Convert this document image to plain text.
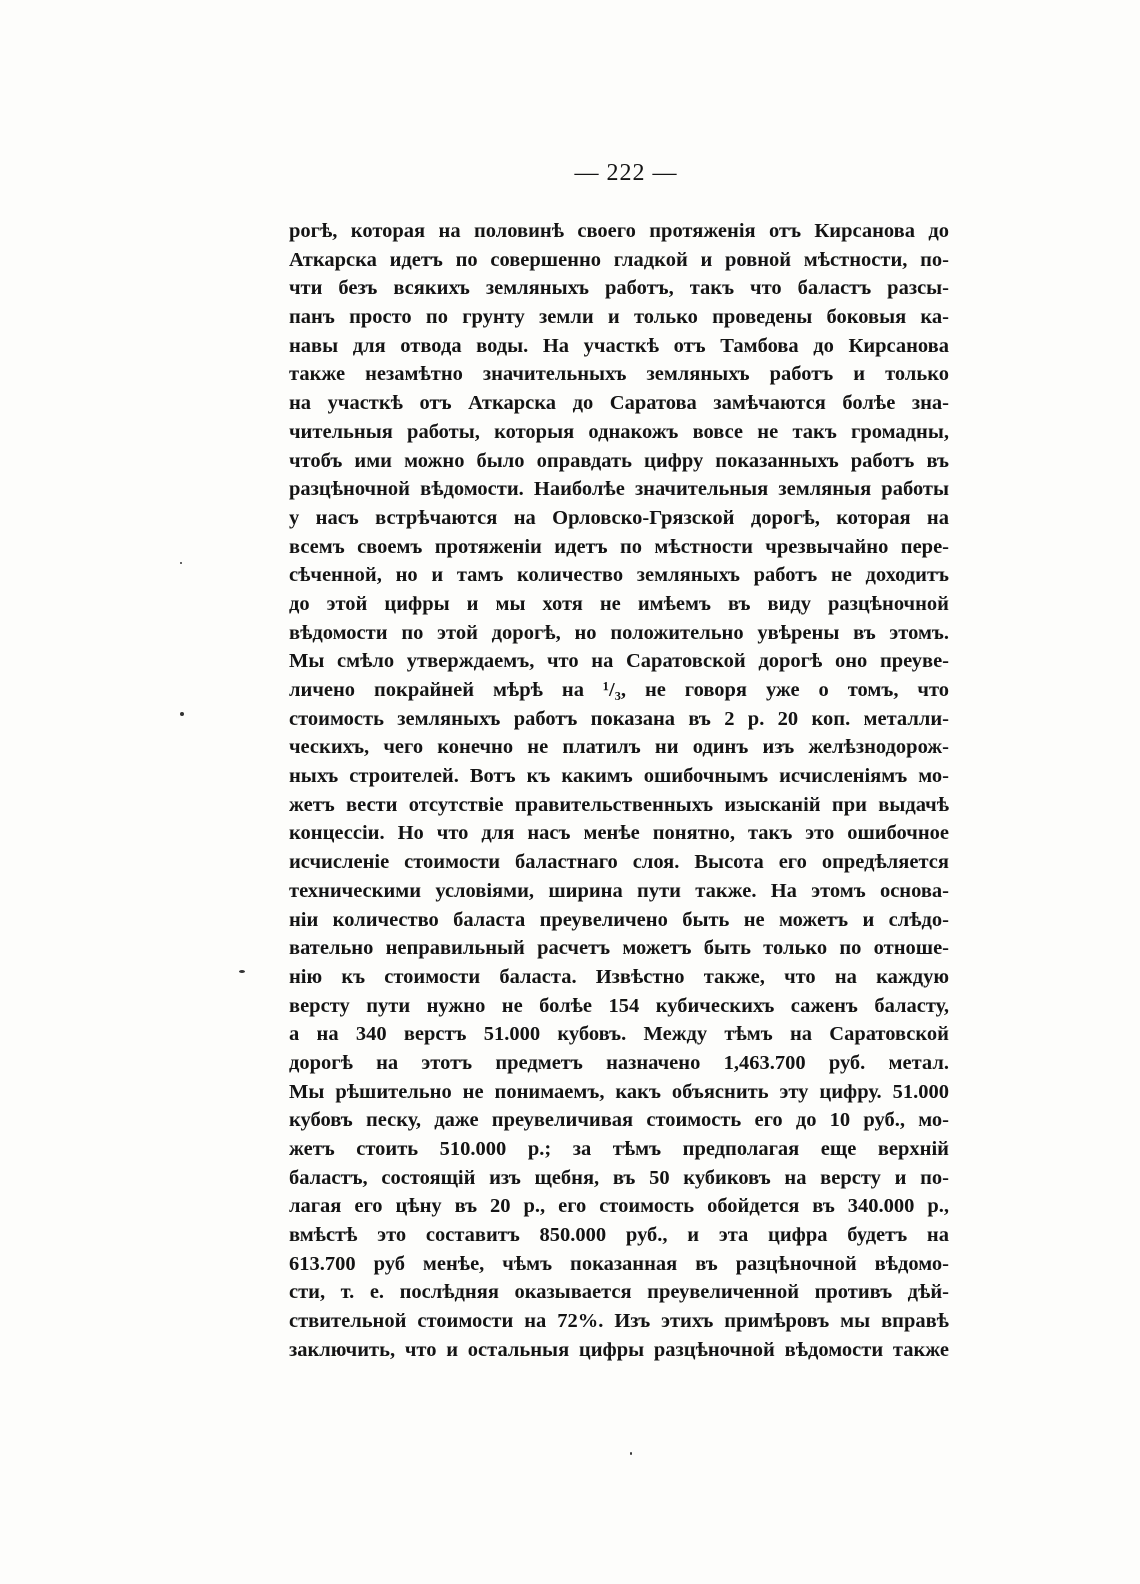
— 222 —
рогѣ, которая на половинѣ своего протяженія отъ Кирсанова до
Аткарска идетъ по совершенно гладкой и ровной мѣстности, по-
чти безъ всякихъ земляныхъ работъ, такъ что баластъ разсы-
панъ просто по грунту земли и только проведены боковыя ка-
навы для отвода воды. На участкѣ отъ Тамбова до Кирсанова
также незамѣтно значительныхъ земляныхъ работъ и только
на участкѣ отъ Аткарска до Саратова замѣчаются болѣе зна-
чительныя работы, которыя однакожъ вовсе не такъ громадны,
чтобъ ими можно было оправдать цифру показанныхъ работъ въ
разцѣночной вѣдомости. Наиболѣе значительныя земляныя работы
у насъ встрѣчаются на Орловско-Грязской дорогѣ, которая на
всемъ своемъ протяженіи идетъ по мѣстности чрезвычайно пере-
сѣченной, но и тамъ количество земляныхъ работъ не доходитъ
до этой цифры и мы хотя не имѣемъ въ виду разцѣночной
вѣдомости по этой дорогѣ, но положительно увѣрены въ этомъ.
Мы смѣло утверждаемъ, что на Саратовской дорогѣ оно преуве-
личено покрайней мѣрѣ на ¹/₃, не говоря уже о томъ, что
стоимость земляныхъ работъ показана въ 2 р. 20 коп. металли-
ческихъ, чего конечно не платилъ ни одинъ изъ желѣзнодорож-
ныхъ строителей. Вотъ къ какимъ ошибочнымъ исчисленіямъ мо-
жетъ вести отсутствіе правительственныхъ изысканій при выдачѣ
концессіи. Но что для насъ менѣе понятно, такъ это ошибочное
исчисленіе стоимости баластнаго слоя. Высота его опредѣляется
техническими условіями, ширина пути также. На этомъ основа-
ніи количество баласта преувеличено быть не можетъ и слѣдо-
вательно неправильный расчетъ можетъ быть только по отноше-
нію къ стоимости баласта. Извѣстно также, что на каждую
версту пути нужно не болѣе 154 кубическихъ саженъ баласту,
а на 340 верстъ 51.000 кубовъ. Между тѣмъ на Саратовской
дорогѣ на этотъ предметъ назначено 1,463.700 руб. метал.
Мы рѣшительно не понимаемъ, какъ объяснить эту цифру. 51.000
кубовъ песку, даже преувеличивая стоимость его до 10 руб., мо-
жетъ стоить 510.000 р.; за тѣмъ предполагая еще верхній
баластъ, состоящій изъ щебня, въ 50 кубиковъ на версту и по-
лагая его цѣну въ 20 р., его стоимость обойдется въ 340.000 р.,
вмѣстѣ это составитъ 850.000 руб., и эта цифра будетъ на
613.700 руб менѣе, чѣмъ показанная въ разцѣночной вѣдомо-
сти, т. е. послѣдняя оказывается преувеличенной противъ дѣй-
ствительной стоимости на 72%. Изъ этихъ примѣровъ мы вправѣ
заключить, что и остальныя цифры разцѣночной вѣдомости также
